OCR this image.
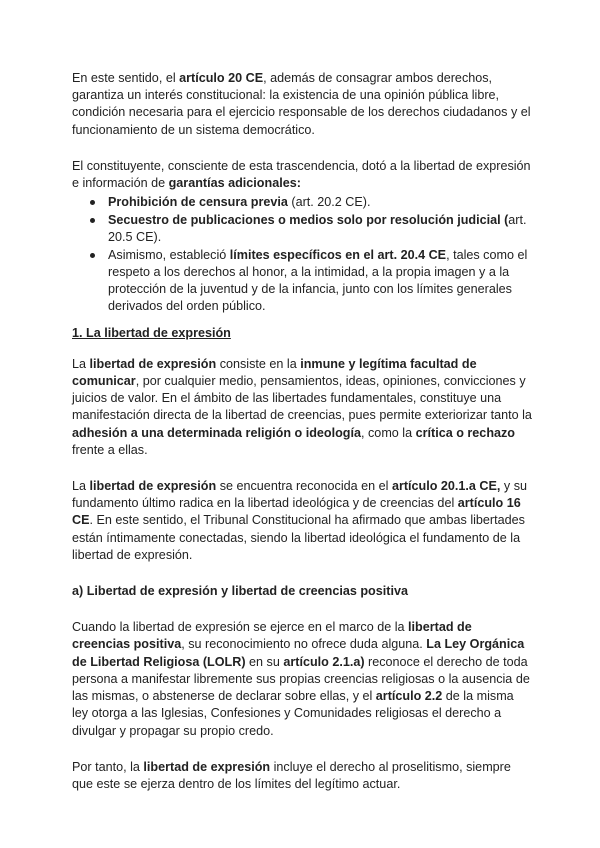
En este sentido, el artículo 20 CE, además de consagrar ambos derechos, garantiza un interés constitucional: la existencia de una opinión pública libre, condición necesaria para el ejercicio responsable de los derechos ciudadanos y el funcionamiento de un sistema democrático.

El constituyente, consciente de esta trascendencia, dotó a la libertad de expresión e información de garantías adicionales:

Prohibición de censura previa (art. 20.2 CE).
Secuestro de publicaciones o medios solo por resolución judicial (art. 20.5 CE).
Asimismo, estableció límites específicos en el art. 20.4 CE, tales como el respeto a los derechos al honor, a la intimidad, a la propia imagen y a la protección de la juventud y de la infancia, junto con los límites generales derivados del orden público.

1. La libertad de expresión

La libertad de expresión consiste en la inmune y legítima facultad de comunicar, por cualquier medio, pensamientos, ideas, opiniones, convicciones y juicios de valor. En el ámbito de las libertades fundamentales, constituye una manifestación directa de la libertad de creencias, pues permite exteriorizar tanto la adhesión a una determinada religión o ideología, como la crítica o rechazo frente a ellas.

La libertad de expresión se encuentra reconocida en el artículo 20.1.a CE, y su fundamento último radica en la libertad ideológica y de creencias del artículo 16 CE. En este sentido, el Tribunal Constitucional ha afirmado que ambas libertades están íntimamente conectadas, siendo la libertad ideológica el fundamento de la libertad de expresión.

a) Libertad de expresión y libertad de creencias positiva

Cuando la libertad de expresión se ejerce en el marco de la libertad de creencias positiva, su reconocimiento no ofrece duda alguna. La Ley Orgánica de Libertad Religiosa (LOLR) en su artículo 2.1.a) reconoce el derecho de toda persona a manifestar libremente sus propias creencias religiosas o la ausencia de las mismas, o abstenerse de declarar sobre ellas, y el artículo 2.2 de la misma ley otorga a las Iglesias, Confesiones y Comunidades religiosas el derecho a divulgar y propagar su propio credo.

Por tanto, la libertad de expresión incluye el derecho al proselitismo, siempre que este se ejerza dentro de los límites del legítimo actuar.
